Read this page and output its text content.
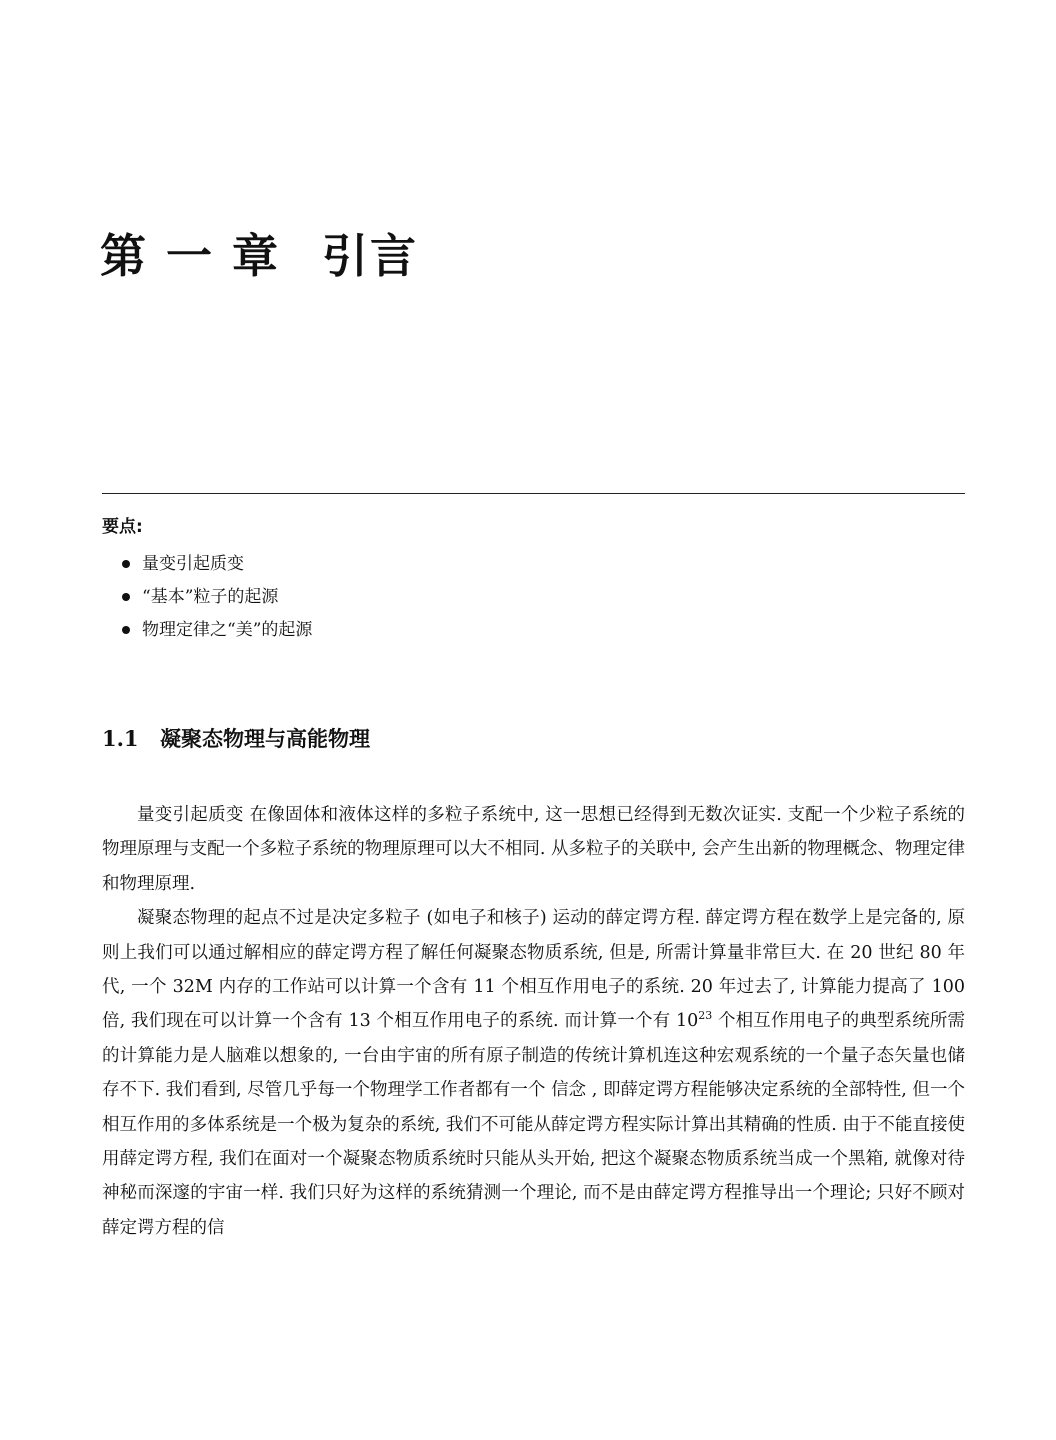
第 一 章 引言
要点:
量变引起质变
“基本”粒子的起源
物理定律之“美”的起源
1.1 凝聚态物理与高能物理

量变引起质变 在像固体和液体这样的多粒子系统中, 这一思想已经得到无数次证实. 支配一个少粒子系统的物理原理与支配一个多粒子系统的物理原理可以大不相同. 从多粒子的关联中, 会产生出新的物理概念、物理定律和物理原理.

凝聚态物理的起点不过是决定多粒子 (如电子和核子) 运动的薛定谔方程. 薛定谔方程在数学上是完备的, 原则上我们可以通过解相应的薛定谔方程了解任何凝聚态物质系统, 但是, 所需计算量非常巨大. 在 20 世纪 80 年代, 一个 32M 内存的工作站可以计算一个含有 11 个相互作用电子的系统. 20 年过去了, 计算能力提高了 100 倍, 我们现在可以计算一个含有 13 个相互作用电子的系统. 而计算一个有 $10^{23}$ 个相互作用电子的典型系统所需的计算能力是人脑难以想象的, 一台由宇宙的所有原子制造的传统计算机连这种宏观系统的一个量子态矢量也储存不下. 我们看到, 尽管几乎每一个物理学工作者都有一个 信念 , 即薛定谔方程能够决定系统的全部特性, 但一个相互作用的多体系统是一个极为复杂的系统, 我们不可能从薛定谔方程实际计算出其精确的性质. 由于不能直接使用薛定谔方程, 我们在面对一个凝聚态物质系统时只能从头开始, 把这个凝聚态物质系统当成一个黑箱, 就像对待神秘而深邃的宇宙一样. 我们只好为这样的系统猜测一个理论, 而不是由薛定谔方程推导出一个理论; 只好不顾对薛定谔方程的信
